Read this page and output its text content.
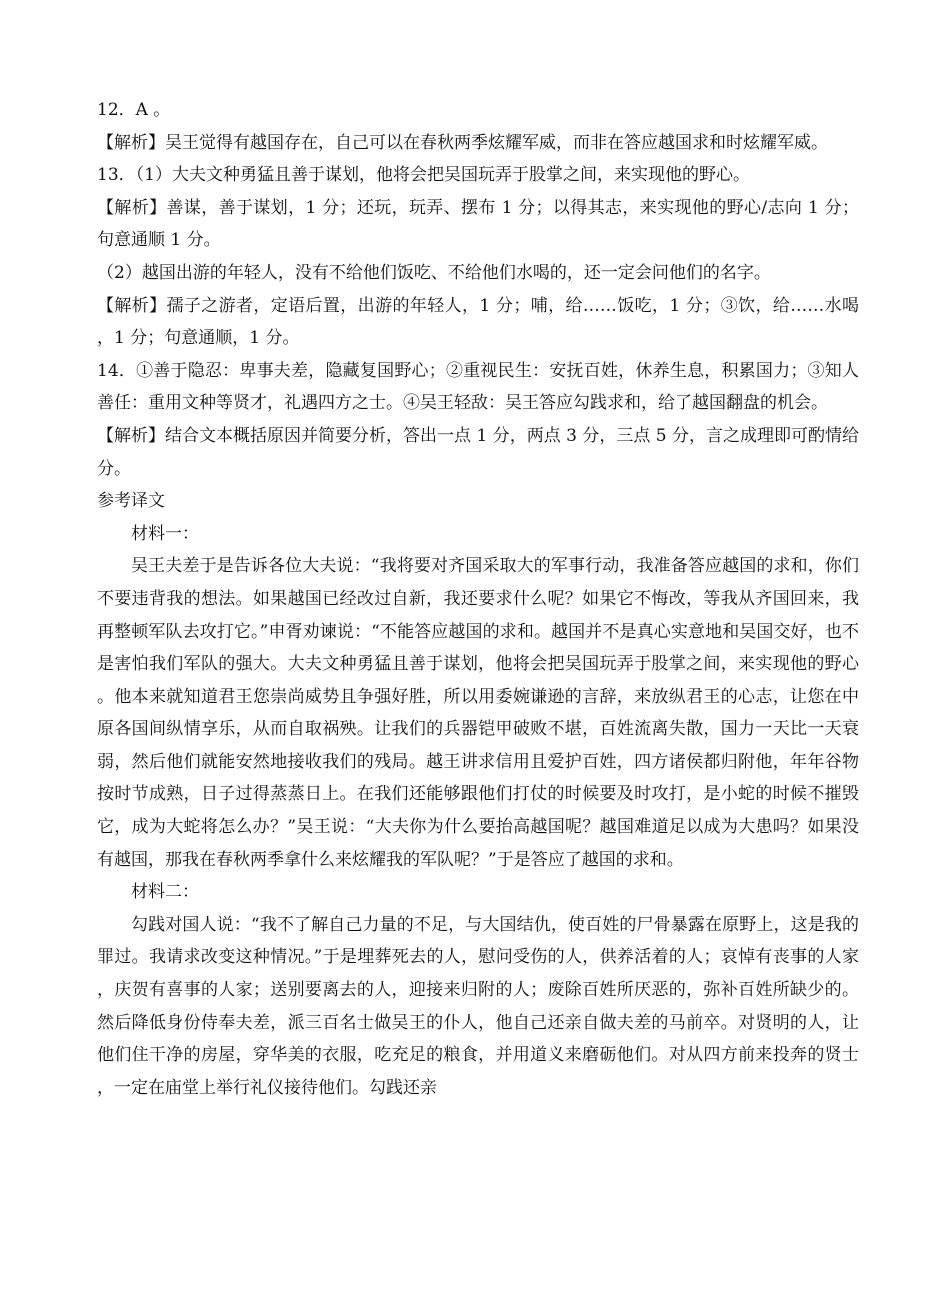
12．A 。

【解析】吴王觉得有越国存在，自己可以在春秋两季炫耀军威，而非在答应越国求和时炫耀军威。

13．（1）大夫文种勇猛且善于谋划，他将会把吴国玩弄于股掌之间，来实现他的野心。

【解析】善谋，善于谋划，1 分；还玩，玩弄、摆布 1 分；以得其志，来实现他的野心/志向 1 分；句意通顺 1 分。

（2）越国出游的年轻人，没有不给他们饭吃、不给他们水喝的，还一定会问他们的名字。

【解析】孺子之游者，定语后置，出游的年轻人，1 分；哺，给……饭吃，1 分；③饮，给……水喝，1 分；句意通顺，1 分。

14．①善于隐忍：卑事夫差，隐藏复国野心；②重视民生：安抚百姓，休养生息，积累国力；③知人善任：重用文种等贤才，礼遇四方之士。④吴王轻敌：吴王答应勾践求和，给了越国翻盘的机会。

【解析】结合文本概括原因并简要分析，答出一点 1 分，两点 3 分，三点 5 分，言之成理即可酌情给分。

参考译文

材料一：

吴王夫差于是告诉各位大夫说：“我将要对齐国采取大的军事行动，我准备答应越国的求和，你们不要违背我的想法。如果越国已经改过自新，我还要求什么呢？如果它不悔改，等我从齐国回来，我再整顿军队去攻打它。”申胥劝谏说：“不能答应越国的求和。越国并不是真心实意地和吴国交好，也不是害怕我们军队的强大。大夫文种勇猛且善于谋划，他将会把吴国玩弄于股掌之间，来实现他的野心。他本来就知道君王您崇尚威势且争强好胜，所以用委婉谦逊的言辞，来放纵君王的心志，让您在中原各国间纵情享乐，从而自取祸殃。让我们的兵器铠甲破败不堪，百姓流离失散，国力一天比一天衰弱，然后他们就能安然地接收我们的残局。越王讲求信用且爱护百姓，四方诸侯都归附他，年年谷物按时节成熟，日子过得蒸蒸日上。在我们还能够跟他们打仗的时候要及时攻打，是小蛇的时候不摧毁它，成为大蛇将怎么办？”吴王说：“大夫你为什么要抬高越国呢？越国难道足以成为大患吗？如果没有越国，那我在春秋两季拿什么来炫耀我的军队呢？”于是答应了越国的求和。

材料二：

勾践对国人说：“我不了解自己力量的不足，与大国结仇，使百姓的尸骨暴露在原野上，这是我的罪过。我请求改变这种情况。”于是埋葬死去的人，慰问受伤的人，供养活着的人；哀悼有丧事的人家，庆贺有喜事的人家；送别要离去的人，迎接来归附的人；废除百姓所厌恶的，弥补百姓所缺少的。然后降低身份侍奉夫差，派三百名士做吴王的仆人，他自己还亲自做夫差的马前卒。对贤明的人，让他们住干净的房屋，穿华美的衣服，吃充足的粮食，并用道义来磨砺他们。对从四方前来投奔的贤士，一定在庙堂上举行礼仪接待他们。勾践还亲
